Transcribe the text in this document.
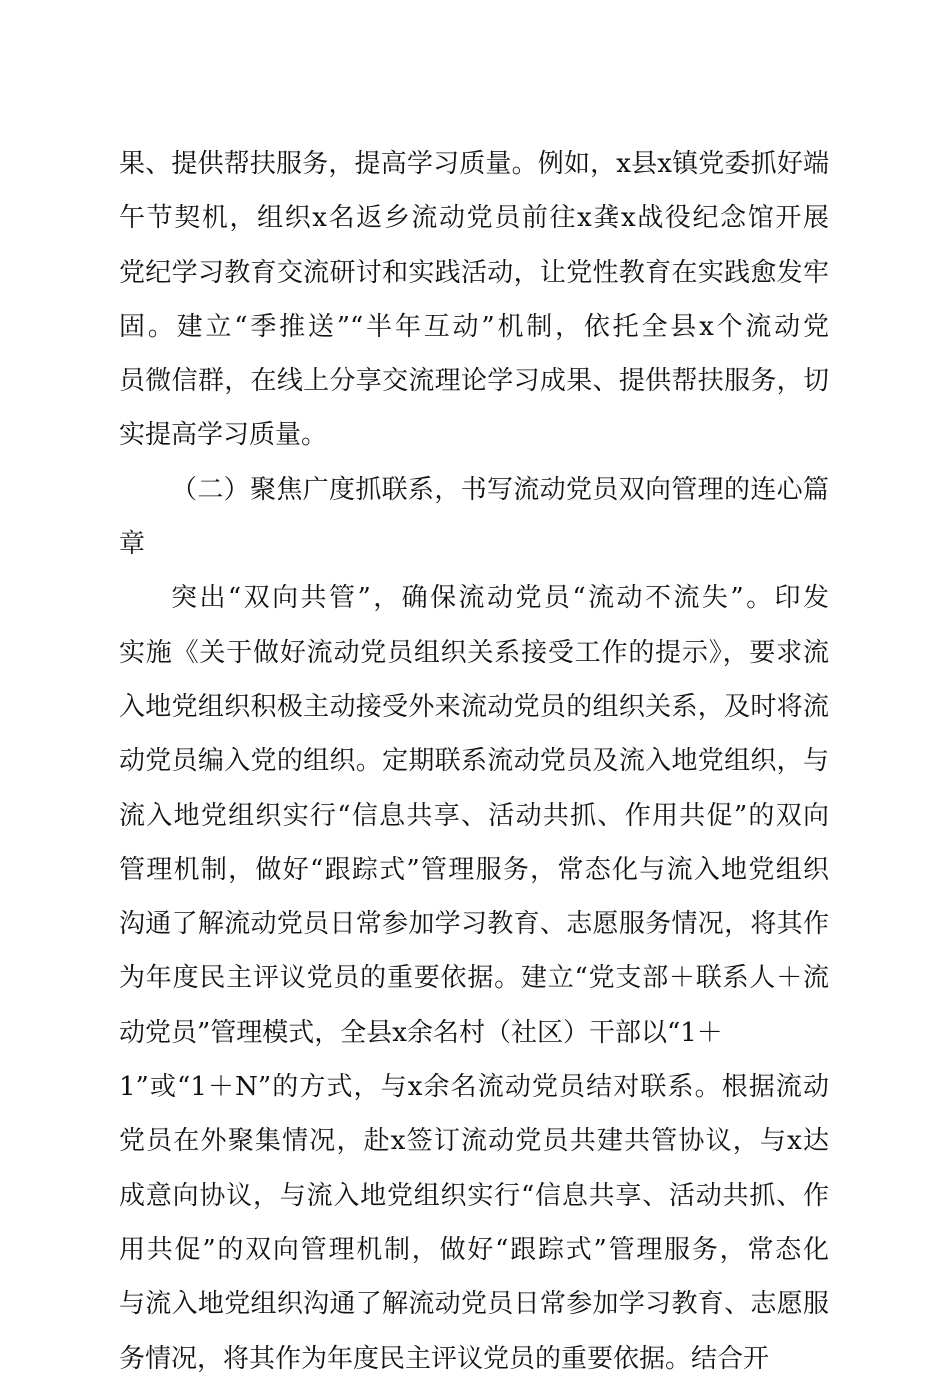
果、提供帮扶服务，提高学习质量。例如，x县x镇党委抓好端
午节契机，组织x名返乡流动党员前往x龚x战役纪念馆开展
党纪学习教育交流研讨和实践活动，让党性教育在实践愈发牢
固。建立“季推送”“半年互动”机制，依托全县x个流动党
员微信群，在线上分享交流理论学习成果、提供帮扶服务，切
实提高学习质量。
（二）聚焦广度抓联系，书写流动党员双向管理的连心篇
章
突出“双向共管”，确保流动党员“流动不流失”。印发
实施《关于做好流动党员组织关系接受工作的提示》，要求流
入地党组织积极主动接受外来流动党员的组织关系，及时将流
动党员编入党的组织。定期联系流动党员及流入地党组织，与
流入地党组织实行“信息共享、活动共抓、作用共促”的双向
管理机制，做好“跟踪式”管理服务，常态化与流入地党组织
沟通了解流动党员日常参加学习教育、志愿服务情况，将其作
为年度民主评议党员的重要依据。建立“党支部＋联系人＋流
动党员”管理模式，全县x余名村（社区）干部以“1＋
1”或“1＋N”的方式，与x余名流动党员结对联系。根据流动
党员在外聚集情况，赴x签订流动党员共建共管协议，与x达
成意向协议，与流入地党组织实行“信息共享、活动共抓、作
用共促”的双向管理机制，做好“跟踪式”管理服务，常态化
与流入地党组织沟通了解流动党员日常参加学习教育、志愿服
务情况，将其作为年度民主评议党员的重要依据。结合开
